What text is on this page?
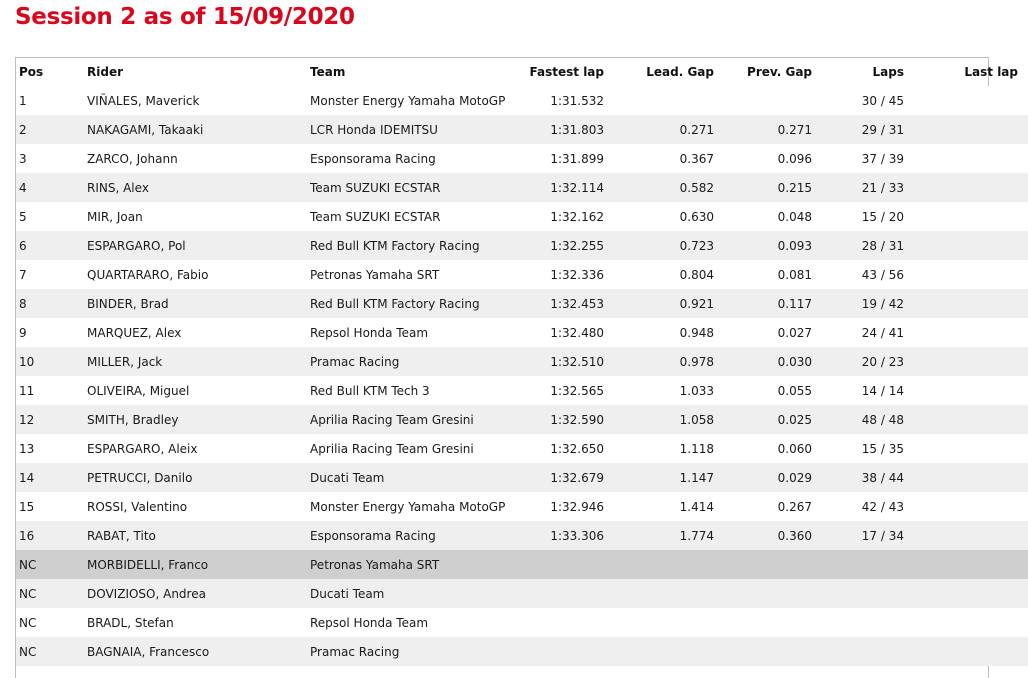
Session 2 as of 15/09/2020
Pos	Rider	Team	Fastest lap	Lead. Gap	Prev. Gap	Laps	Last lap
1	VIÑALES, Maverick	Monster Energy Yamaha MotoGP	1:31.532			30 / 45	
2	NAKAGAMI, Takaaki	LCR Honda IDEMITSU	1:31.803	0.271	0.271	29 / 31	
3	ZARCO, Johann	Esponsorama Racing	1:31.899	0.367	0.096	37 / 39	
4	RINS, Alex	Team SUZUKI ECSTAR	1:32.114	0.582	0.215	21 / 33	
5	MIR, Joan	Team SUZUKI ECSTAR	1:32.162	0.630	0.048	15 / 20	
6	ESPARGARO, Pol	Red Bull KTM Factory Racing	1:32.255	0.723	0.093	28 / 31	
7	QUARTARARO, Fabio	Petronas Yamaha SRT	1:32.336	0.804	0.081	43 / 56	
8	BINDER, Brad	Red Bull KTM Factory Racing	1:32.453	0.921	0.117	19 / 42	
9	MARQUEZ, Alex	Repsol Honda Team	1:32.480	0.948	0.027	24 / 41	
10	MILLER, Jack	Pramac Racing	1:32.510	0.978	0.030	20 / 23	
11	OLIVEIRA, Miguel	Red Bull KTM Tech 3	1:32.565	1.033	0.055	14 / 14	
12	SMITH, Bradley	Aprilia Racing Team Gresini	1:32.590	1.058	0.025	48 / 48	
13	ESPARGARO, Aleix	Aprilia Racing Team Gresini	1:32.650	1.118	0.060	15 / 35	
14	PETRUCCI, Danilo	Ducati Team	1:32.679	1.147	0.029	38 / 44	
15	ROSSI, Valentino	Monster Energy Yamaha MotoGP	1:32.946	1.414	0.267	42 / 43	
16	RABAT, Tito	Esponsorama Racing	1:33.306	1.774	0.360	17 / 34	
NC	MORBIDELLI, Franco	Petronas Yamaha SRT					
NC	DOVIZIOSO, Andrea	Ducati Team					
NC	BRADL, Stefan	Repsol Honda Team					
NC	BAGNAIA, Francesco	Pramac Racing					
